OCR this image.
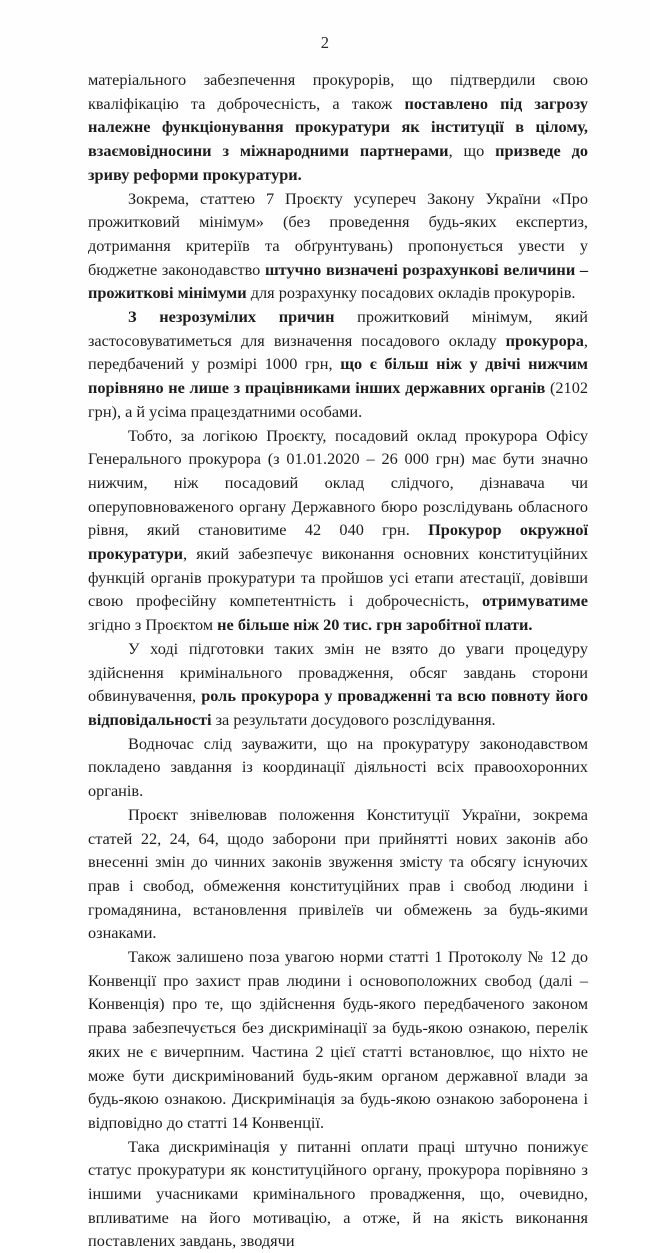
2

матеріального забезпечення прокурорів, що підтвердили свою кваліфікацію та доброчесність, а також поставлено під загрозу належне функціонування прокуратури як інституції в цілому, взаємовідносини з міжнародними партнерами, що призведе до зриву реформи прокуратури.

Зокрема, статтею 7 Проєкту усупереч Закону України «Про прожитковий мінімум» (без проведення будь-яких експертиз, дотримання критеріїв та обґрунтувань) пропонується увести у бюджетне законодавство штучно визначені розрахункові величини – прожиткові мінімуми для розрахунку посадових окладів прокурорів.

З незрозумілих причин прожитковий мінімум, який застосовуватиметься для визначення посадового окладу прокурора, передбачений у розмірі 1000 грн, що є більш ніж у двічі нижчим порівняно не лише з працівниками інших державних органів (2102 грн), а й усіма працездатними особами.

Тобто, за логікою Проєкту, посадовий оклад прокурора Офісу Генерального прокурора (з 01.01.2020 – 26 000 грн) має бути значно нижчим, ніж посадовий оклад слідчого, дізнавача чи оперуповноваженого органу Державного бюро розслідувань обласного рівня, який становитиме 42 040 грн. Прокурор окружної прокуратури, який забезпечує виконання основних конституційних функцій органів прокуратури та пройшов усі етапи атестації, довівши свою професійну компетентність і доброчесність, отримуватиме згідно з Проєктом не більше ніж 20 тис. грн заробітної плати.

У ході підготовки таких змін не взято до уваги процедуру здійснення кримінального провадження, обсяг завдань сторони обвинувачення, роль прокурора у провадженні та всю повноту його відповідальності за результати досудового розслідування.

Водночас слід зауважити, що на прокуратуру законодавством покладено завдання із координації діяльності всіх правоохоронних органів.

Проєкт знівелював положення Конституції України, зокрема статей 22, 24, 64, щодо заборони при прийнятті нових законів або внесенні змін до чинних законів звуження змісту та обсягу існуючих прав і свобод, обмеження конституційних прав і свобод людини і громадянина, встановлення привілеїв чи обмежень за будь-якими ознаками.

Також залишено поза увагою норми статті 1 Протоколу № 12 до Конвенції про захист прав людини і основоположних свобод (далі – Конвенція) про те, що здійснення будь-якого передбаченого законом права забезпечується без дискримінації за будь-якою ознакою, перелік яких не є вичерпним. Частина 2 цієї статті встановлює, що ніхто не може бути дискримінований будь-яким органом державної влади за будь-якою ознакою. Дискримінація за будь-якою ознакою заборонена і відповідно до статті 14 Конвенції.

Така дискримінація у питанні оплати праці штучно понижує статус прокуратури як конституційного органу, прокурора порівняно з іншими учасниками кримінального провадження, що, очевидно, впливатиме на його мотивацію, а отже, й на якість виконання поставлених завдань, зводячи
